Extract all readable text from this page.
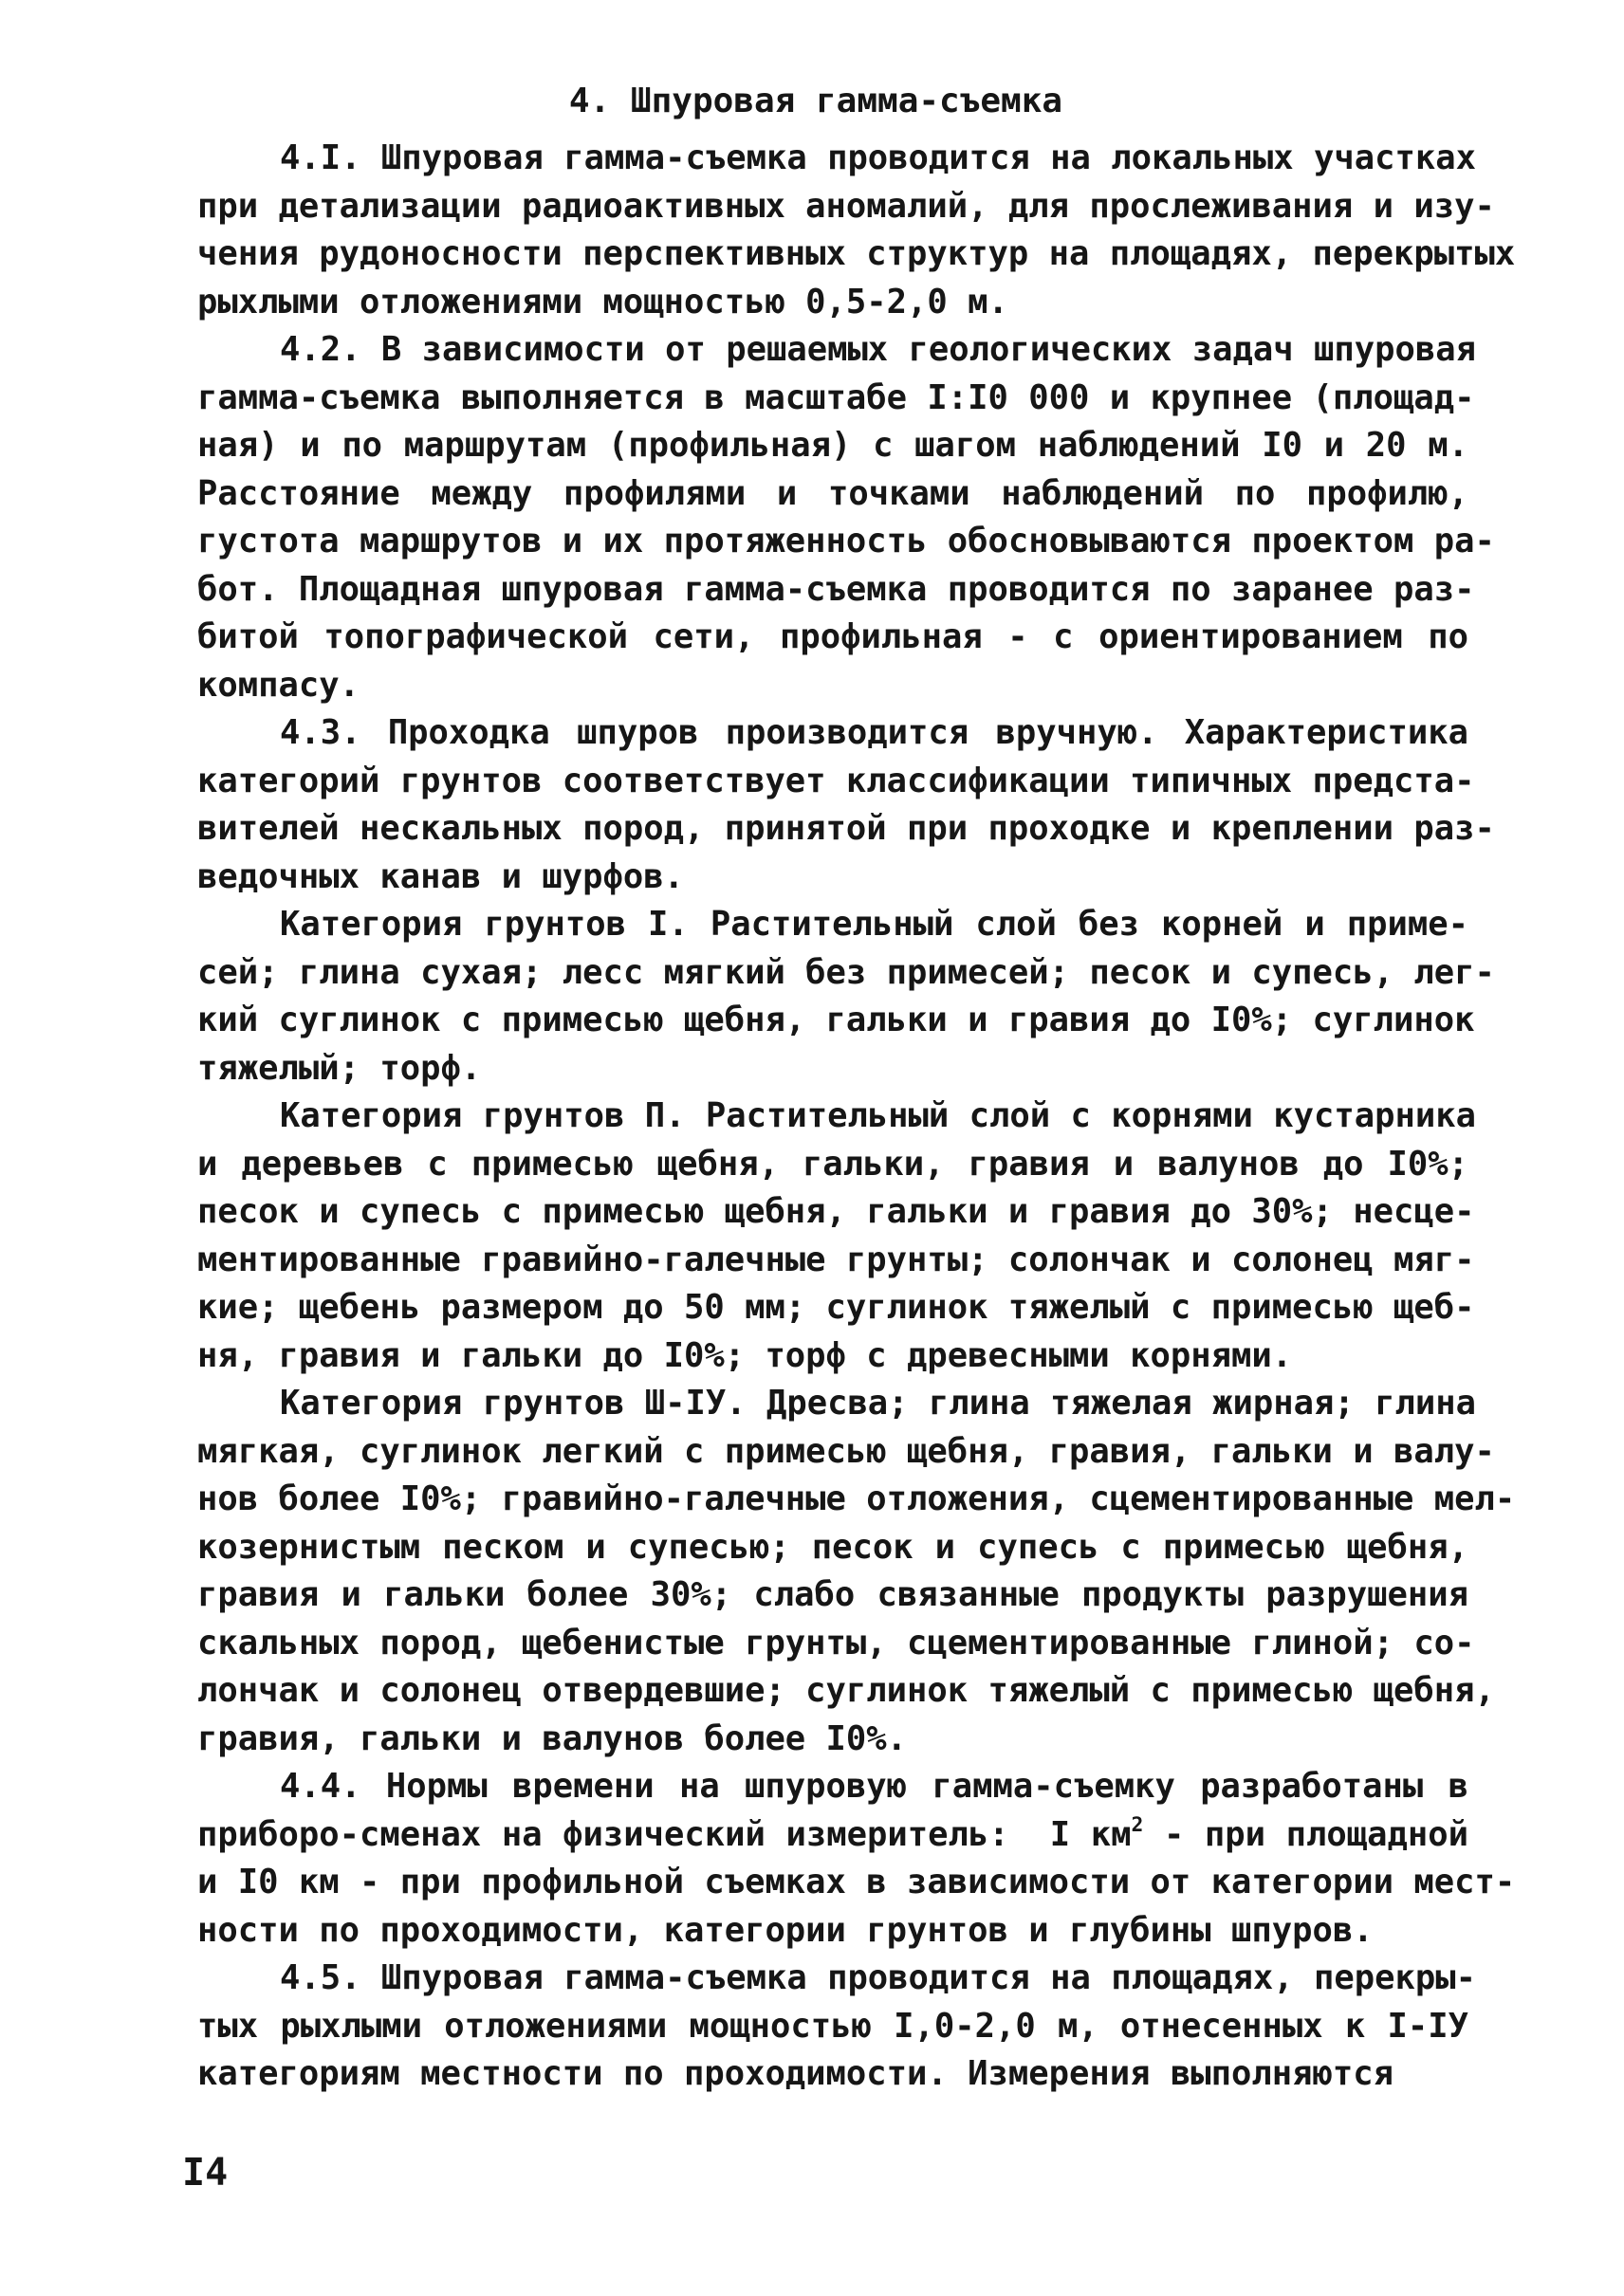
4. Шпуровая гамма-съемка

4.I. Шпуровая гамма-съемка проводится на локальных участках
при детализации радиоактивных аномалий, для прослеживания и изу-
чения рудоносности перспективных структур на площадях, перекрытых
рыхлыми отложениями мощностью 0,5-2,0 м.

4.2. В зависимости от решаемых геологических задач шпуровая
гамма-съемка выполняется в масштабе I:I0 000 и крупнее (площад-
ная) и по маршрутам (профильная) с шагом наблюдений I0 и 20 м.
Расстояние между профилями и точками наблюдений по профилю,
густота маршрутов и их протяженность обосновываются проектом ра-
бот. Площадная шпуровая гамма-съемка проводится по заранее раз-
битой топографической сети, профильная - с ориентированием по
компасу.

4.3. Проходка шпуров производится вручную. Характеристика
категорий грунтов соответствует классификации типичных предста-
вителей нескальных пород, принятой при проходке и креплении раз-
ведочных канав и шурфов.

Категория грунтов I. Растительный слой без корней и приме-
сей; глина сухая; лесс мягкий без примесей; песок и супесь, лег-
кий суглинок с примесью щебня, гальки и гравия до I0%; суглинок
тяжелый; торф.

Категория грунтов П. Растительный слой с корнями кустарника
и деревьев с примесью щебня, гальки, гравия и валунов до I0%;
песок и супесь с примесью щебня, гальки и гравия до 30%; несце-
ментированные гравийно-галечные грунты; солончак и солонец мяг-
кие; щебень размером до 50 мм; суглинок тяжелый с примесью щеб-
ня, гравия и гальки до I0%; торф с древесными корнями.

Категория грунтов Ш-IУ. Дресва; глина тяжелая жирная; глина
мягкая, суглинок легкий с примесью щебня, гравия, гальки и валу-
нов более I0%; гравийно-галечные отложения, сцементированные мел-
козернистым песком и супесью; песок и супесь с примесью щебня,
гравия и гальки более 30%; слабо связанные продукты разрушения
скальных пород, щебенистые грунты, сцементированные глиной; со-
лончак и солонец отвердевшие; суглинок тяжелый с примесью щебня,
гравия, гальки и валунов более I0%.

4.4. Нормы времени на шпуровую гамма-съемку разработаны в
приборо-сменах на физический измеритель:  I $км^2$ - при площадной
и I0 км - при профильной съемках в зависимости от категории мест-
ности по проходимости, категории грунтов и глубины шпуров.

4.5. Шпуровая гамма-съемка проводится на площадях, перекры-
тых рыхлыми отложениями мощностью I,0-2,0 м, отнесенных к I-IУ
категориям местности по проходимости. Измерения выполняются

I4
